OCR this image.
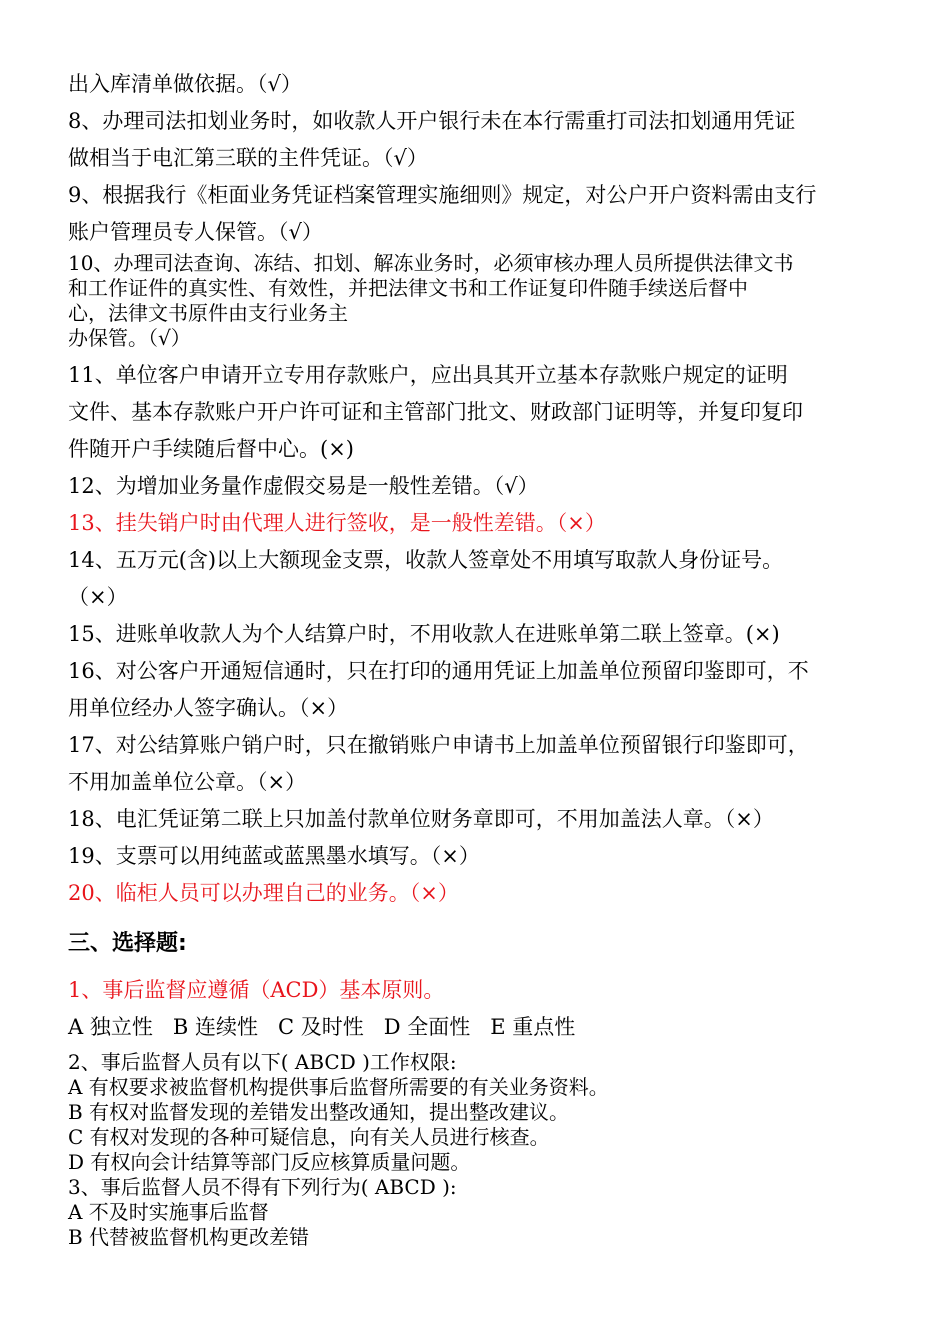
出入库清单做依据。（√）
8、办理司法扣划业务时，如收款人开户银行未在本行需重打司法扣划通用凭证
做相当于电汇第三联的主件凭证。（√）
9、根据我行《柜面业务凭证档案管理实施细则》规定，对公户开户资料需由支行
账户管理员专人保管。（√）
10、办理司法查询、冻结、扣划、解冻业务时，必须审核办理人员所提供法律文书
和工作证件的真实性、有效性，并把法律文书和工作证复印件随手续送后督中
心，法律文书原件由支行业务主
办保管。（√）
11、单位客户申请开立专用存款账户，应出具其开立基本存款账户规定的证明
文件、基本存款账户开户许可证和主管部门批文、财政部门证明等，并复印复印
件随开户手续随后督中心。(×)
12、为增加业务量作虚假交易是一般性差错。（√）
13、挂失销户时由代理人进行签收，是一般性差错。（×）
14、五万元(含)以上大额现金支票，收款人签章处不用填写取款人身份证号。
（×）
15、进账单收款人为个人结算户时，不用收款人在进账单第二联上签章。(×)
16、对公客户开通短信通时，只在打印的通用凭证上加盖单位预留印鉴即可，不
用单位经办人签字确认。（×）
17、对公结算账户销户时，只在撤销账户申请书上加盖单位预留银行印鉴即可，
不用加盖单位公章。（×）
18、电汇凭证第二联上只加盖付款单位财务章即可，不用加盖法人章。（×）
19、支票可以用纯蓝或蓝黑墨水填写。（×）
20、临柜人员可以办理自己的业务。（×）
三、选择题:
1、事后监督应遵循（ACD）基本原则。
A 独立性   B 连续性   C 及时性   D 全面性   E 重点性
2、事后监督人员有以下( ABCD )工作权限:
A 有权要求被监督机构提供事后监督所需要的有关业务资料。
B 有权对监督发现的差错发出整改通知，提出整改建议。
C 有权对发现的各种可疑信息，向有关人员进行核查。
D 有权向会计结算等部门反应核算质量问题。
3、事后监督人员不得有下列行为( ABCD ):
A 不及时实施事后监督
B 代替被监督机构更改差错
